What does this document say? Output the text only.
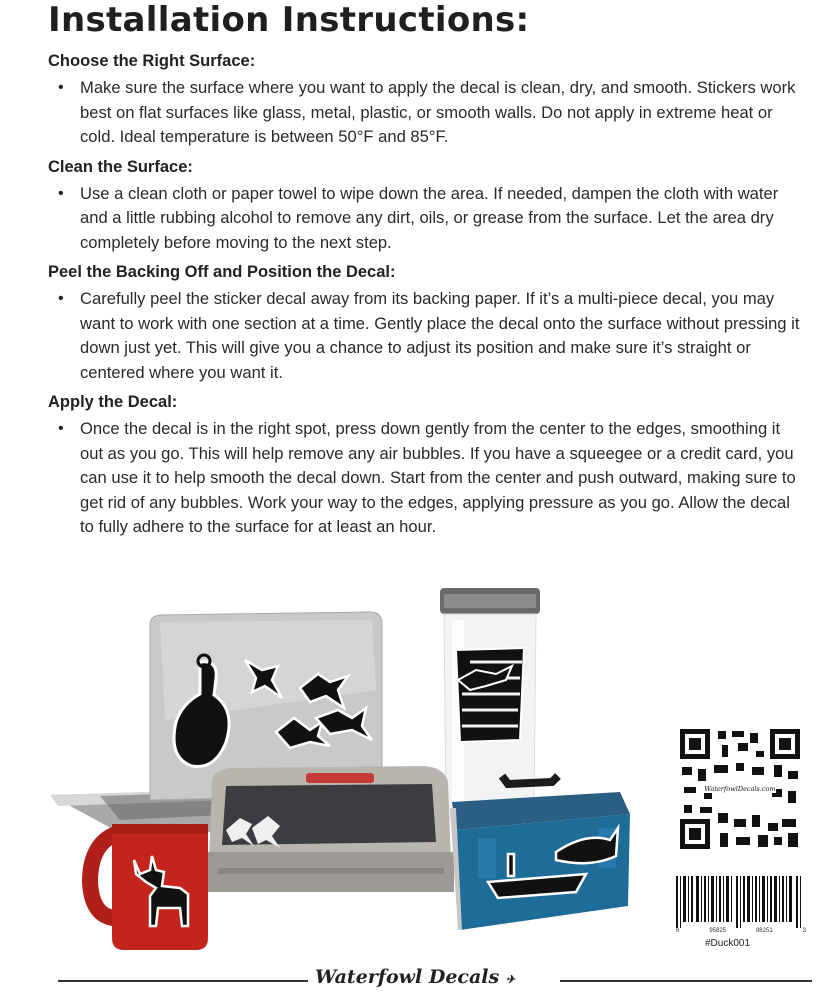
Installation Instructions:
Choose the Right Surface:
• Make sure the surface where you want to apply the decal is clean, dry, and smooth. Stickers work best on flat surfaces like glass, metal, plastic, or smooth walls. Do not apply in extreme heat or cold. Ideal temperature is between 50°F and 85°F.
Clean the Surface:
• Use a clean cloth or paper towel to wipe down the area. If needed, dampen the cloth with water and a little rubbing alcohol to remove any dirt, oils, or grease from the surface. Let the area dry completely before moving to the next step.
Peel the Backing Off and Position the Decal:
• Carefully peel the sticker decal away from its backing paper. If it’s a multi-piece decal, you may want to work with one section at a time. Gently place the decal onto the surface without pressing it down just yet. This will give you a chance to adjust its position and make sure it’s straight or centered where you want it.
Apply the Decal:
• Once the decal is in the right spot, press down gently from the center to the edges, smoothing it out as you go. This will help remove any air bubbles. If you have a squeegee or a credit card, you can use it to help smooth the decal down. Start from the center and push outward, making sure to get rid of any bubbles. Work your way to the edges, applying pressure as you go. Allow the decal to fully adhere to the surface for at least an hour.
WaterfowlDecals.com
6	95825	88251	3
#Duck001
Waterfowl Decals ✈
